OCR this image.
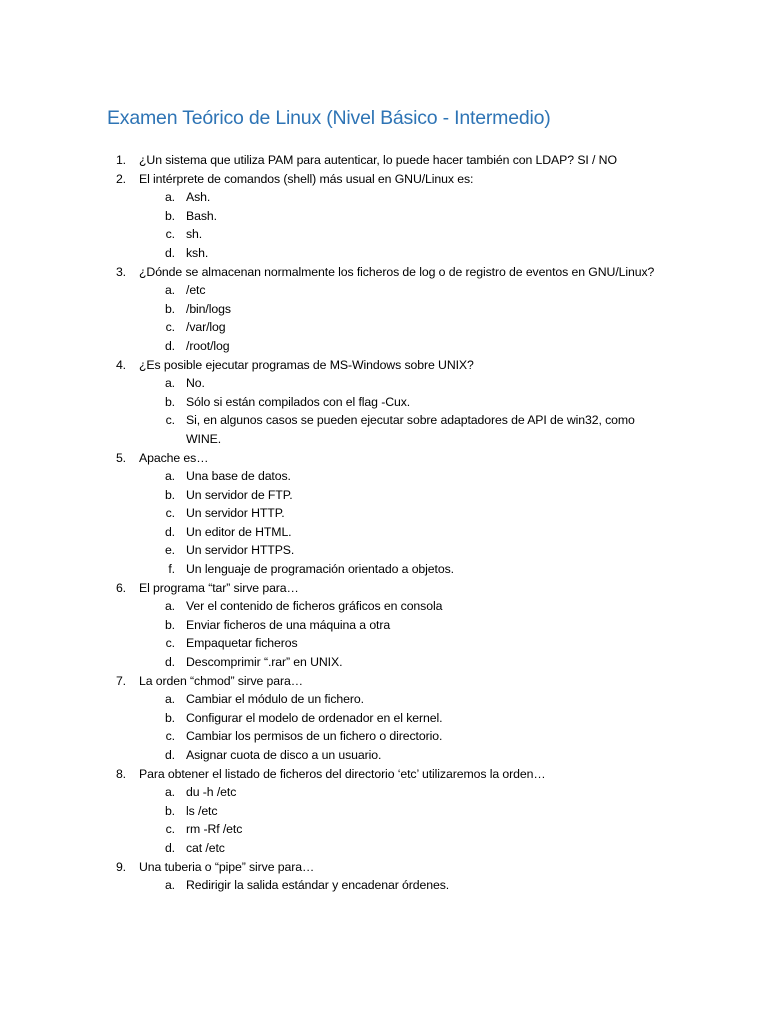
Examen Teórico de Linux (Nivel Básico - Intermedio)
1.	¿Un sistema que utiliza PAM para autenticar, lo puede hacer también con LDAP? SI / NO
2.	El intérprete de comandos (shell) más usual en GNU/Linux es:
a. Ash.
b. Bash.
c. sh.
d. ksh.
3.	¿Dónde se almacenan normalmente los ficheros de log o de registro de eventos en GNU/Linux?
a. /etc
b. /bin/logs
c. /var/log
d. /root/log
4.	¿Es posible ejecutar programas de MS-Windows sobre UNIX?
a. No.
b. Sólo si están compilados con el flag -Cux.
c. Si, en algunos casos se pueden ejecutar sobre adaptadores de API de win32, como WINE.
5.	Apache es…
a. Una base de datos.
b. Un servidor de FTP.
c. Un servidor HTTP.
d. Un editor de HTML.
e. Un servidor HTTPS.
f. Un lenguaje de programación orientado a objetos.
6.	El programa “tar” sirve para…
a. Ver el contenido de ficheros gráficos en consola
b. Enviar ficheros de una máquina a otra
c. Empaquetar ficheros
d. Descomprimir “.rar” en UNIX.
7.	La orden “chmod” sirve para…
a. Cambiar el módulo de un fichero.
b. Configurar el modelo de ordenador en el kernel.
c. Cambiar los permisos de un fichero o directorio.
d. Asignar cuota de disco a un usuario.
8.	Para obtener el listado de ficheros del directorio ‘etc’ utilizaremos la orden…
a. du -h /etc
b. ls /etc
c. rm -Rf /etc
d. cat /etc
9.	Una tuberia o “pipe” sirve para…
a. Redirigir la salida estándar y encadenar órdenes.
